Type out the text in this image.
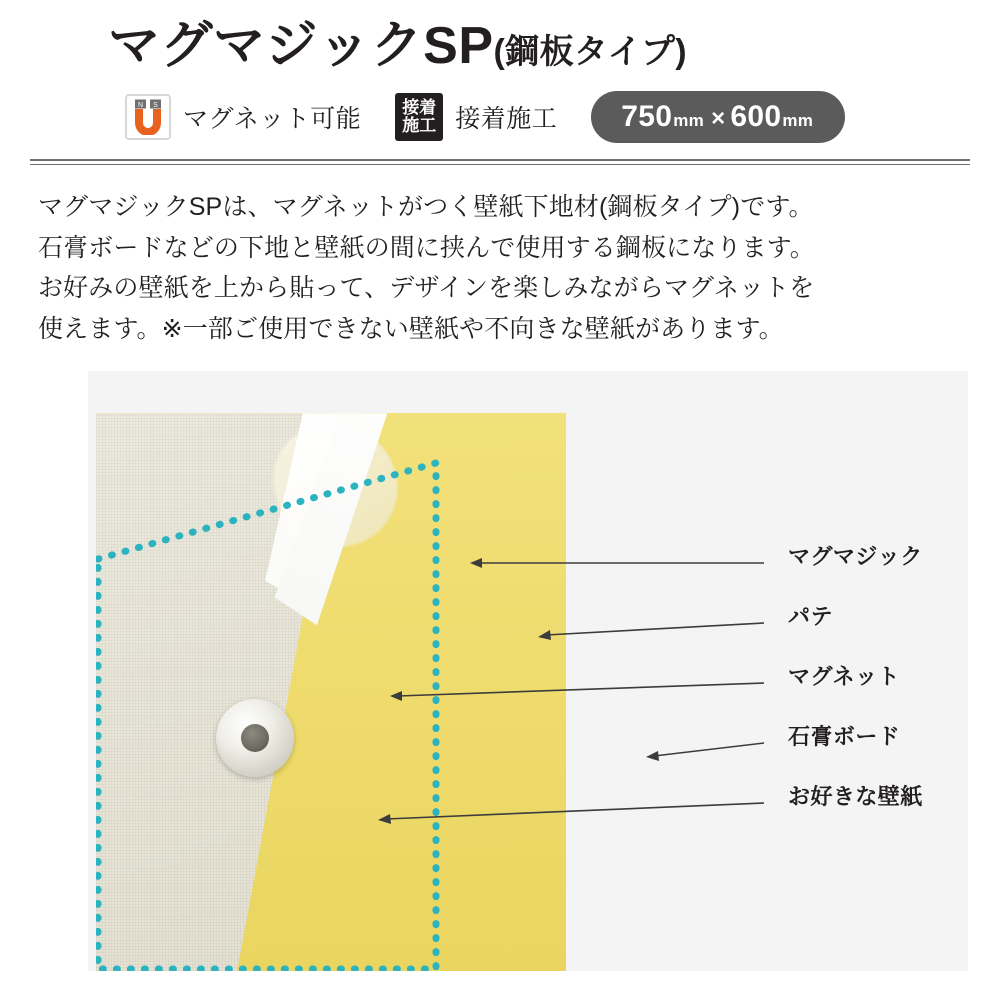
マグマジックSP (鋼板タイプ)
N S マグネット可能 接着
施工 接着施工 750 mm × 600 mm

マグマジックSPは、マグネットがつく壁紙下地材(鋼板タイプ)です。

石膏ボードなどの下地と壁紙の間に挟んで使用する鋼板になります。

お好みの壁紙を上から貼って、デザインを楽しみながらマグネットを

使えます。※一部ご使用できない壁紙や不向きな壁紙があります。

マグマジック
パテ
マグネット
石膏ボード
お好きな壁紙
